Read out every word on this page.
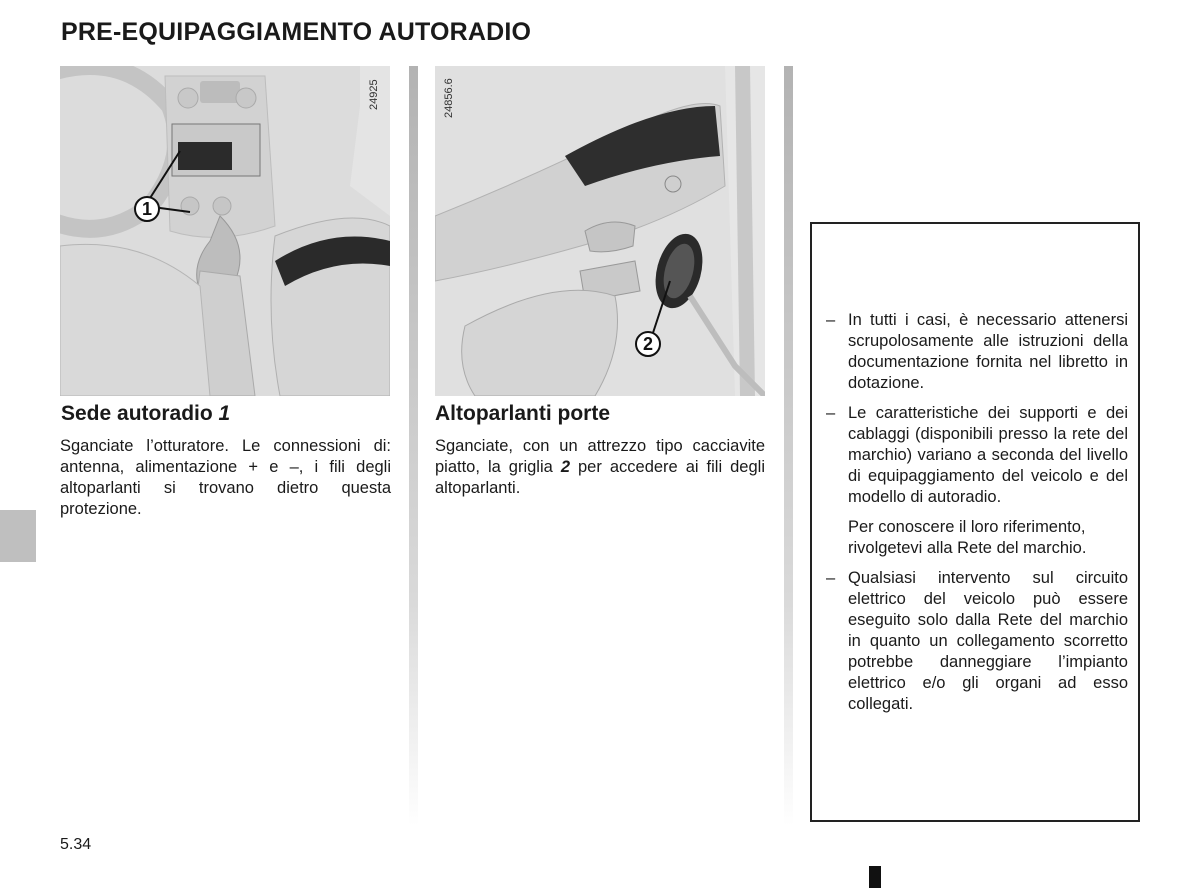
PRE-EQUIPAGGIAMENTO AUTORADIO
24925
1
24856.6
2
Sede autoradio 1
Sganciate l’otturatore. Le connessioni di: antenna, alimentazione + e –, i fili degli altoparlanti si trovano dietro questa protezione.
Altoparlanti porte
Sganciate, con un attrezzo tipo cacciavite piatto, la griglia 2 per accedere ai fili degli altoparlanti.
– In tutti i casi, è necessario attenersi scrupolosamente alle istruzioni della documentazione fornita nel libretto in dotazione.
– Le caratteristiche dei supporti e dei cablaggi (disponibili presso la rete del marchio) variano a seconda del livello di equipaggiamento del veicolo e del modello di autoradio.
Per conoscere il loro riferimento, rivolgetevi alla Rete del marchio.
– Qualsiasi intervento sul circuito elettrico del veicolo può essere eseguito solo dalla Rete del marchio in quanto un collegamento scorretto potrebbe danneggiare l’impianto elettrico e/o gli organi ad esso collegati.
5.34
